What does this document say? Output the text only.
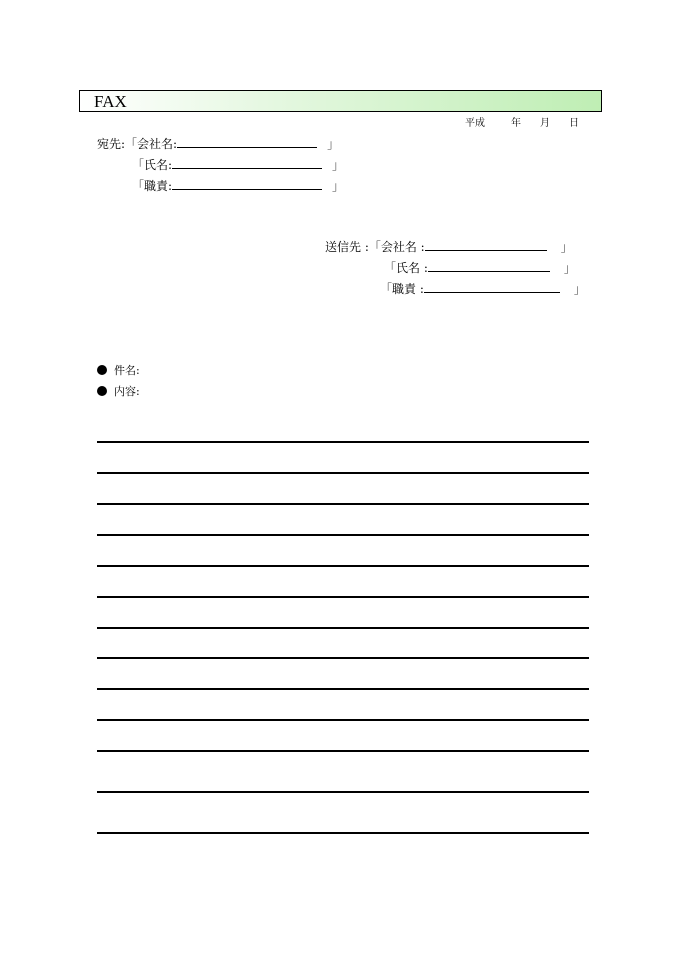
FAX
平成	年 月 日
宛先:「会社名:	」
「氏名:	」
「職責:	」
送信先 :「会社名 :	」
「氏名 :	」
「職責 :	」
件名:
内容:
